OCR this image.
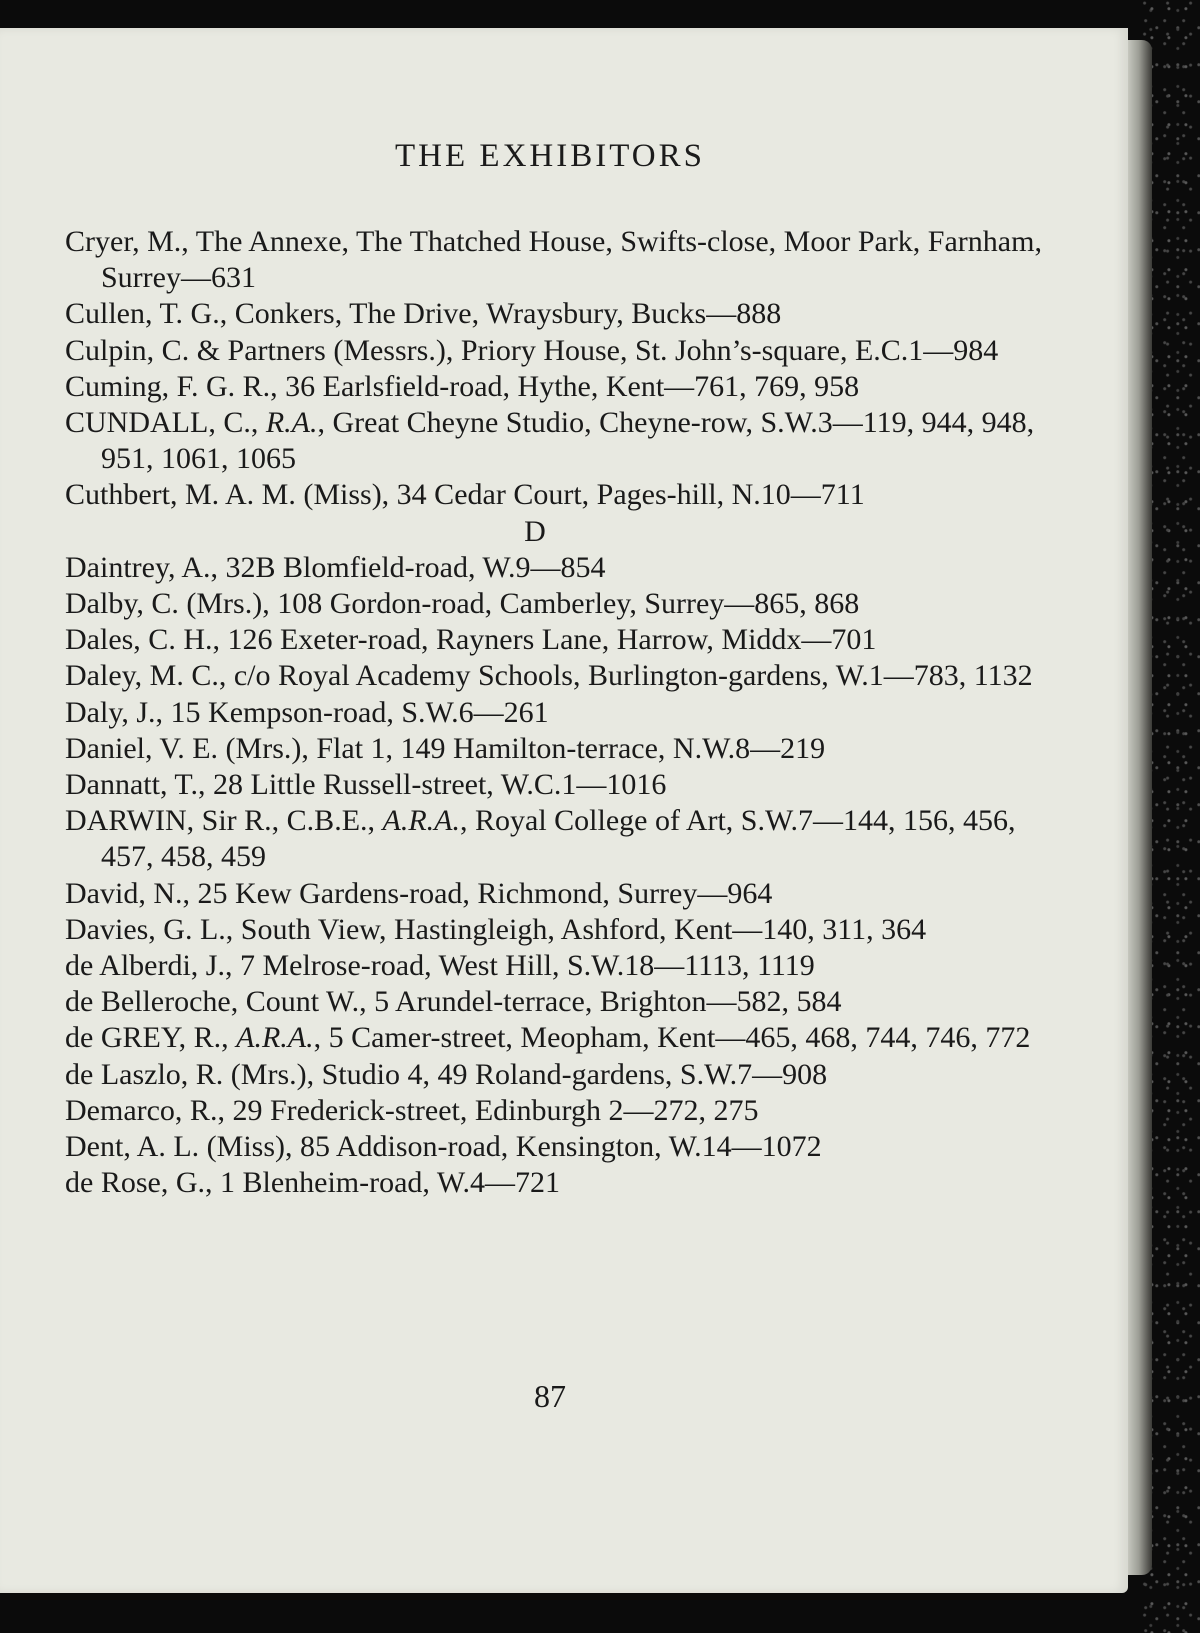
THE EXHIBITORS

Cryer, M., The Annexe, The Thatched House, Swifts-close, Moor Park, Farnham, Surrey—631

Cullen, T. G., Conkers, The Drive, Wraysbury, Bucks—888

Culpin, C. & Partners (Messrs.), Priory House, St. John’s-square, E.C.1—984

Cuming, F. G. R., 36 Earlsfield-road, Hythe, Kent—761, 769, 958

CUNDALL, C., R.A., Great Cheyne Studio, Cheyne-row, S.W.3—119, 944, 948, 951, 1061, 1065

Cuthbert, M. A. M. (Miss), 34 Cedar Court, Pages-hill, N.10—711

D

Daintrey, A., 32B Blomfield-road, W.9—854

Dalby, C. (Mrs.), 108 Gordon-road, Camberley, Surrey—865, 868

Dales, C. H., 126 Exeter-road, Rayners Lane, Harrow, Middx—701

Daley, M. C., c/o Royal Academy Schools, Burlington-gardens, W.1—783, 1132

Daly, J., 15 Kempson-road, S.W.6—261

Daniel, V. E. (Mrs.), Flat 1, 149 Hamilton-terrace, N.W.8—219

Dannatt, T., 28 Little Russell-street, W.C.1—1016

DARWIN, Sir R., C.B.E., A.R.A., Royal College of Art, S.W.7—144, 156, 456, 457, 458, 459

David, N., 25 Kew Gardens-road, Richmond, Surrey—964

Davies, G. L., South View, Hastingleigh, Ashford, Kent—140, 311, 364

de Alberdi, J., 7 Melrose-road, West Hill, S.W.18—1113, 1119

de Belleroche, Count W., 5 Arundel-terrace, Brighton—582, 584

de GREY, R., A.R.A., 5 Camer-street, Meopham, Kent—465, 468, 744, 746, 772

de Laszlo, R. (Mrs.), Studio 4, 49 Roland-gardens, S.W.7—908

Demarco, R., 29 Frederick-street, Edinburgh 2—272, 275

Dent, A. L. (Miss), 85 Addison-road, Kensington, W.14—1072

de Rose, G., 1 Blenheim-road, W.4—721

87
